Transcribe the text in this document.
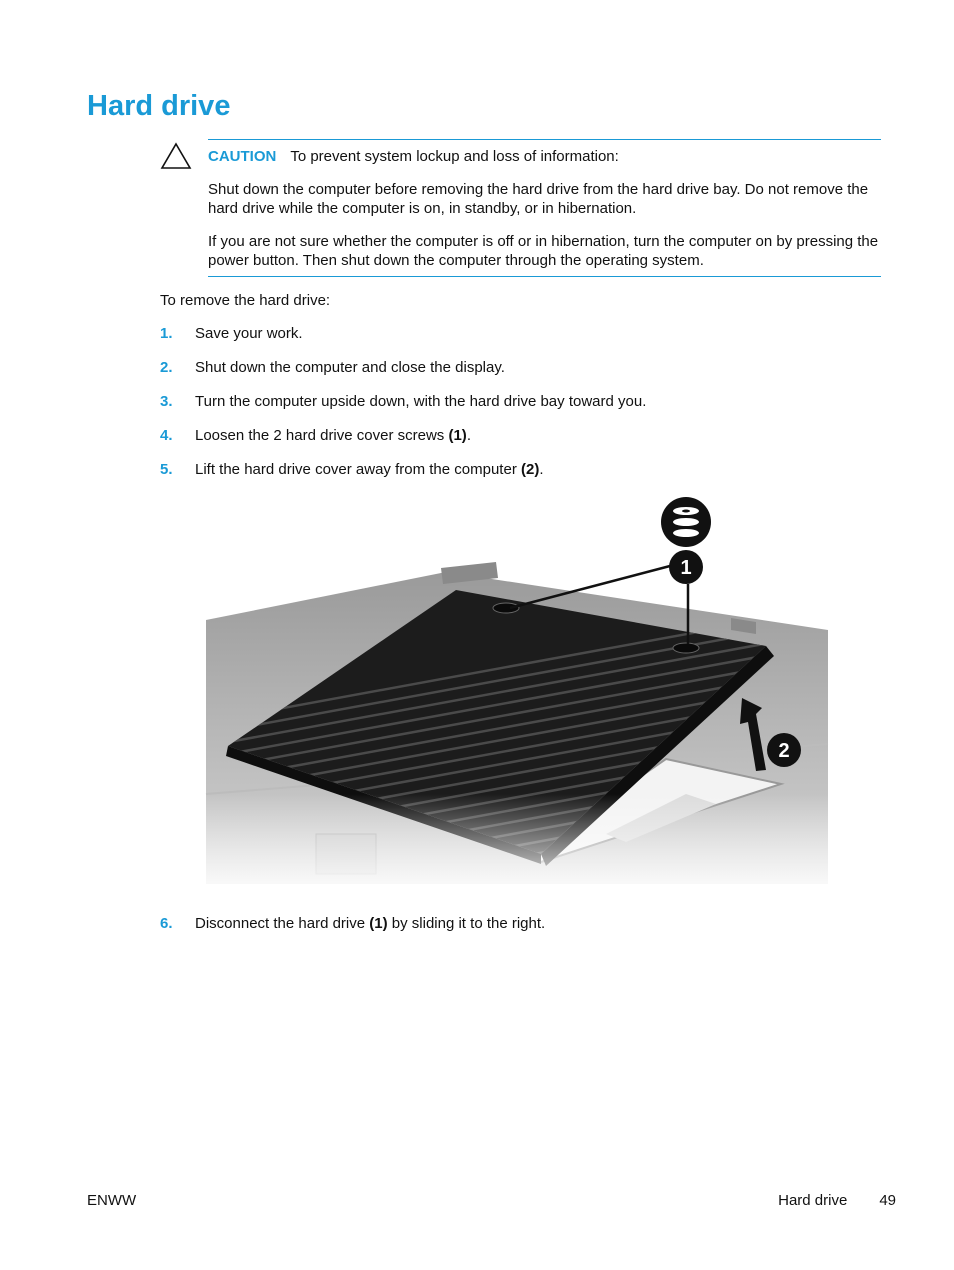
Hard drive

CAUTION To prevent system lockup and loss of information:

Shut down the computer before removing the hard drive from the hard drive bay. Do not remove the hard drive while the computer is on, in standby, or in hibernation.

If you are not sure whether the computer is off or in hibernation, turn the computer on by pressing the power button. Then shut down the computer through the operating system.

To remove the hard drive:

1.	Save your work.
2.	Shut down the computer and close the display.
3.	Turn the computer upside down, with the hard drive bay toward you.
4.	Loosen the 2 hard drive cover screws (1).
5.	Lift the hard drive cover away from the computer (2).
6.	Disconnect the hard drive (1) by sliding it to the right.
ENWW	Hard drive 49
